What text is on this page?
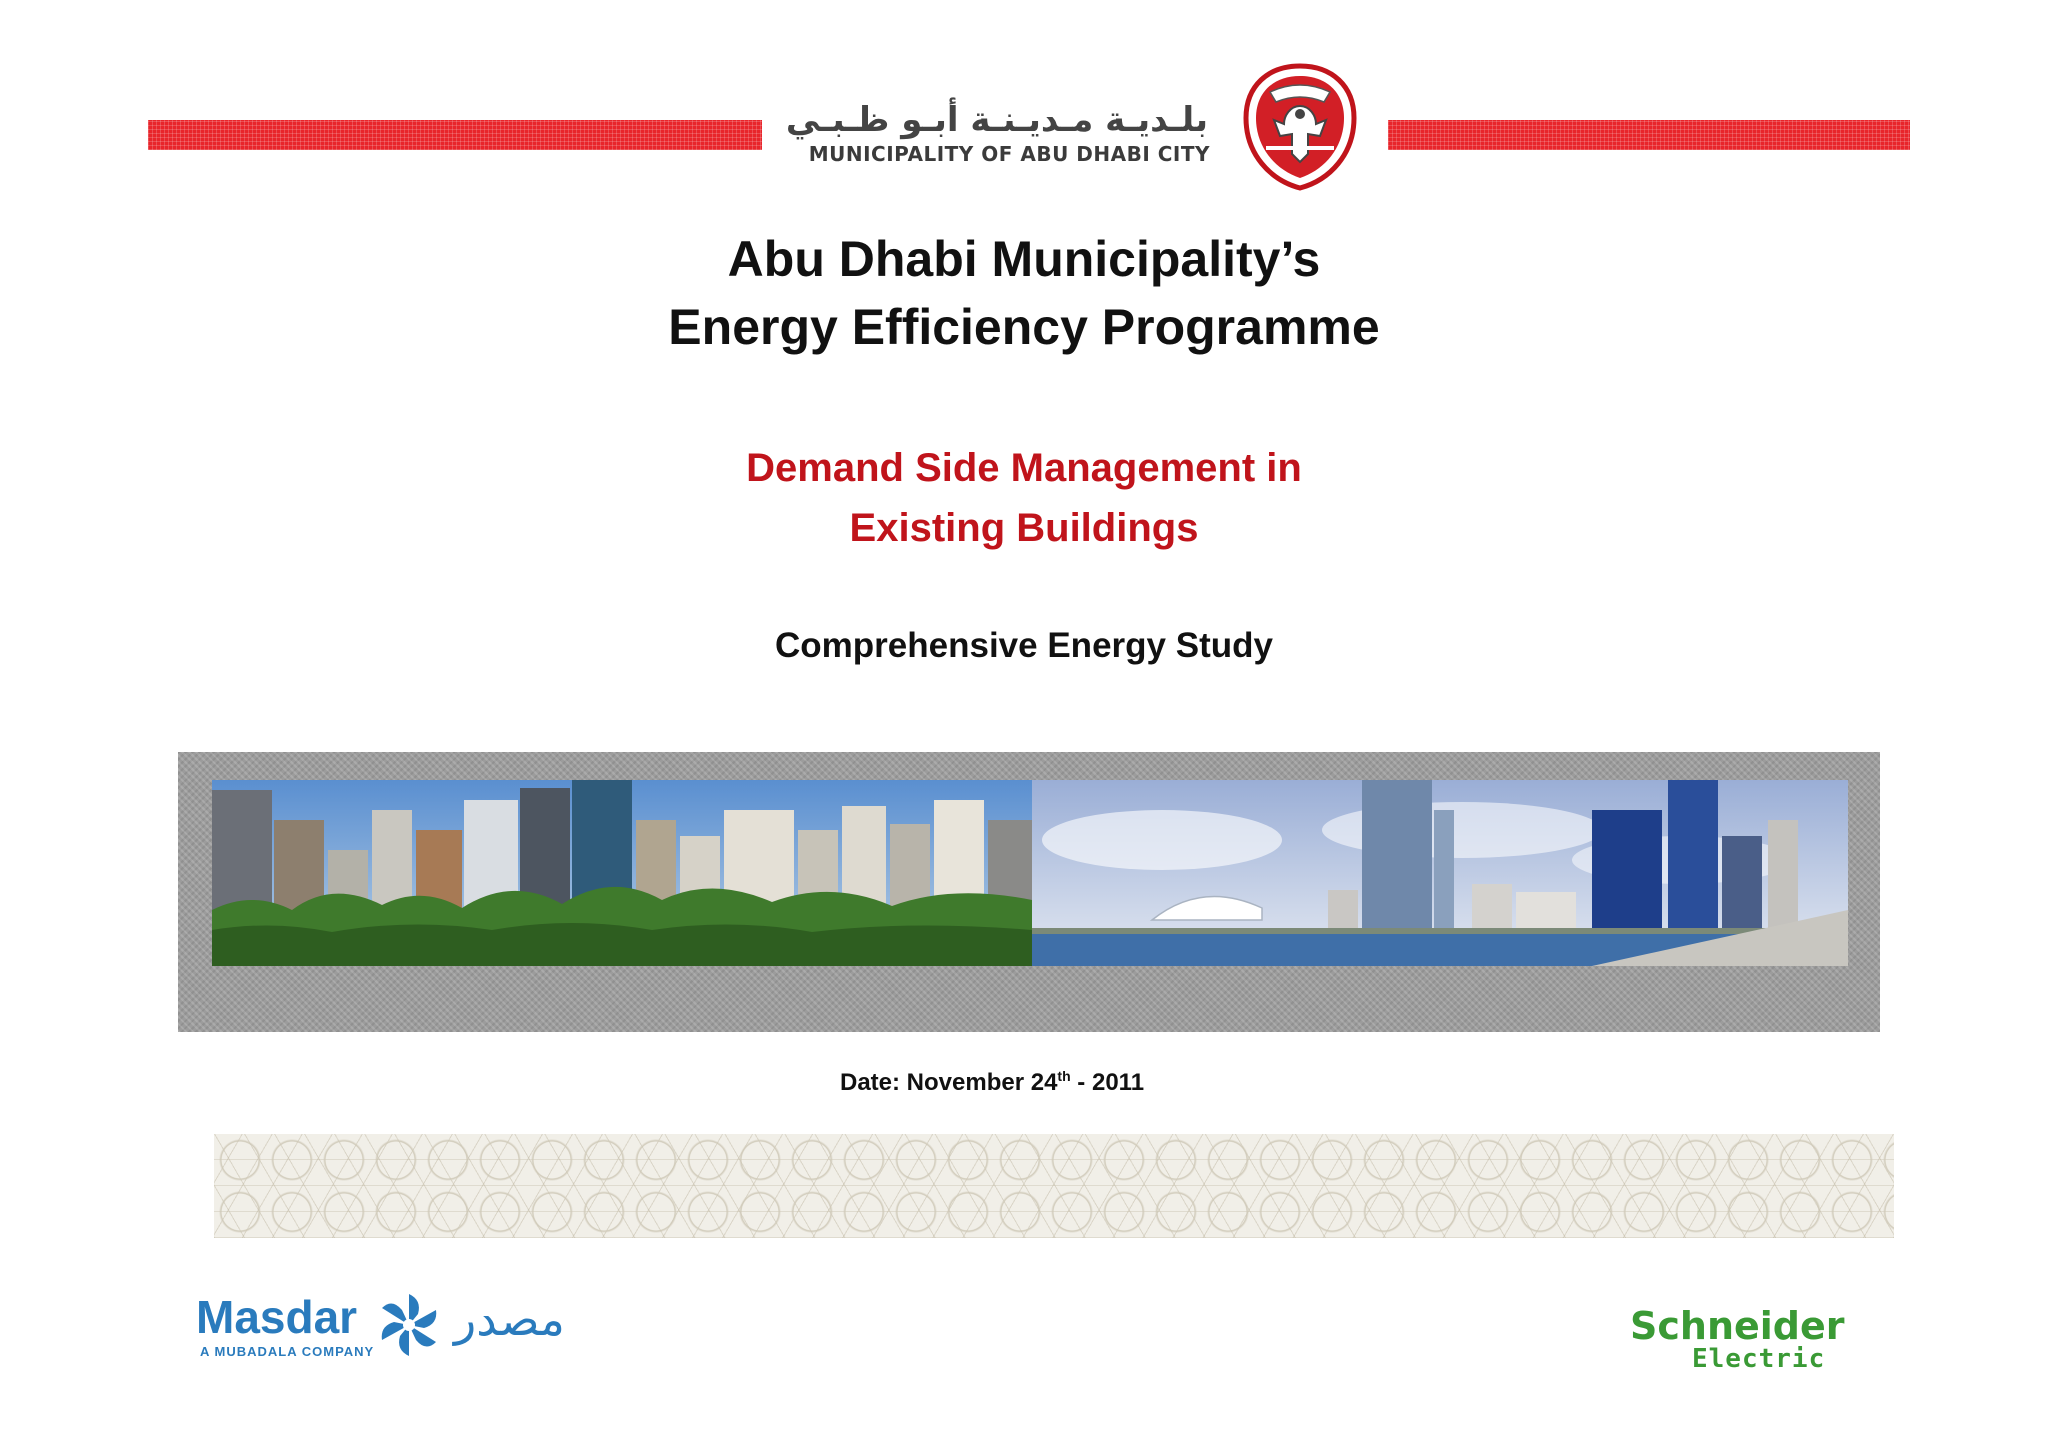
بلـديـة مـديـنـة أبـو ظـبـي
MUNICIPALITY OF ABU DHABI CITY
Abu Dhabi Municipality’s
Energy Efficiency Programme
Demand Side Management in
Existing Buildings
Comprehensive Energy Study
Date: November 24th - 2011
Masdar
A MUBADALA COMPANY
مصدر	Schneider
Electric
